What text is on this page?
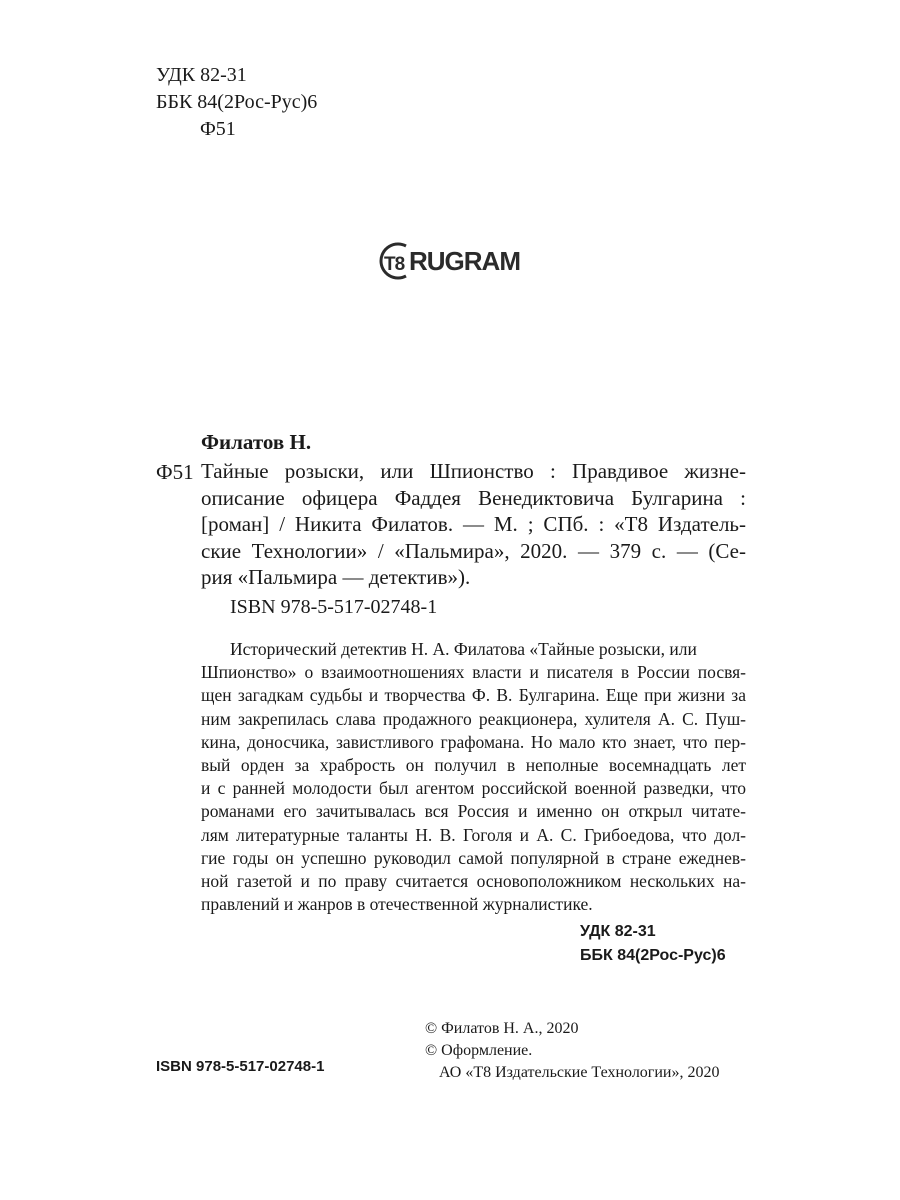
УДК 82-31
ББК 84(2Рос-Рус)6
Ф51
Т8 RUGRAM
Филатов Н.
Ф51 Тайные розыски, или Шпионство : Правдивое жизне-
описание офицера Фаддея Венедиктовича Булгарина :
[роман] / Никита Филатов. — М. ; СПб. : «Т8 Издатель-
ские Технологии» / «Пальмира», 2020. — 379 с. — (Се-
рия «Пальмира — детектив»).
ISBN 978-5-517-02748-1
Исторический детектив Н. А. Филатова «Тайные розыски, или
Шпионство» о взаимоотношениях власти и писателя в России посвя-
щен загадкам судьбы и творчества Ф. В. Булгарина. Еще при жизни за
ним закрепилась слава продажного реакционера, хулителя А. С. Пуш-
кина, доносчика, завистливого графомана. Но мало кто знает, что пер-
вый орден за храбрость он получил в неполные восемнадцать лет
и с ранней молодости был агентом российской военной разведки, что
романами его зачитывалась вся Россия и именно он открыл читате-
лям литературные таланты Н. В. Гоголя и А. С. Грибоедова, что дол-
гие годы он успешно руководил самой популярной в стране ежеднев-
ной газетой и по праву считается основоположником нескольких на-
правлений и жанров в отечественной журналистике.
УДК 82-31
ББК 84(2Рос-Рус)6
© Филатов Н. А., 2020
© Оформление.
АО «Т8 Издательские Технологии», 2020
ISBN 978-5-517-02748-1
